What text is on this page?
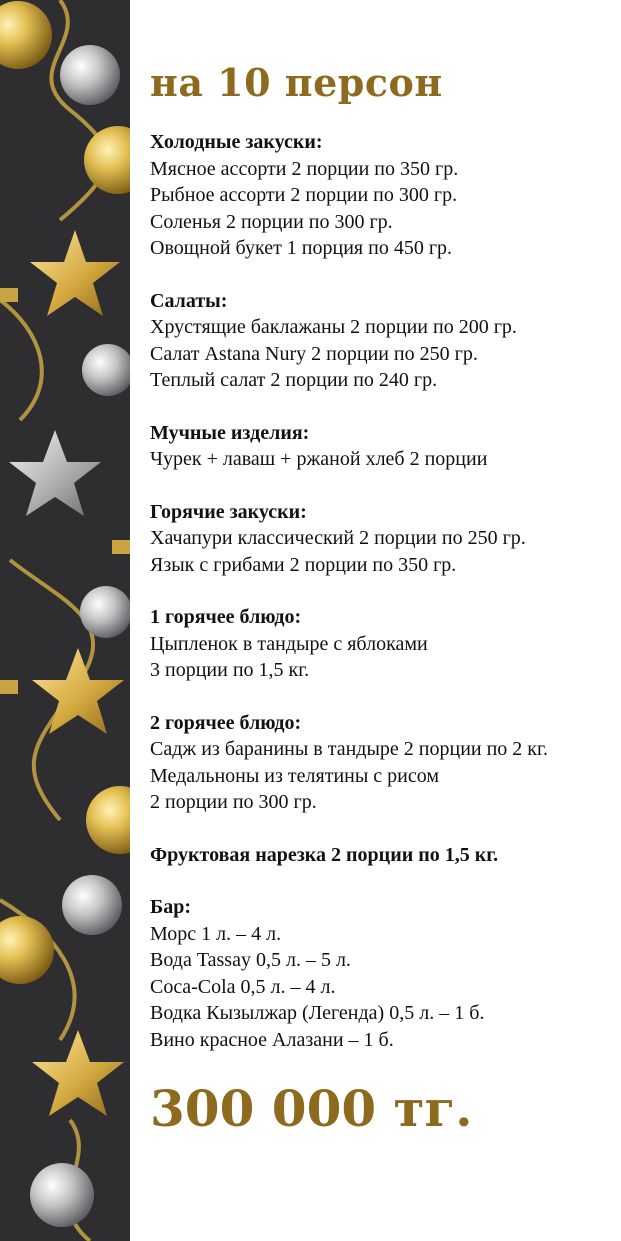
на 10 персон

Холодные закуски:

Мясное ассорти 2 порции по 350 гр.

Рыбное ассорти 2 порции по 300 гр.

Соленья 2 порции по 300 гр.

Овощной букет 1 порция по 450 гр.

Салаты:

Хрустящие баклажаны 2 порции по 200 гр.

Салат Astana Nury 2 порции по 250 гр.

Теплый салат 2 порции по 240 гр.

Мучные изделия:

Чурек + лаваш + ржаной хлеб 2 порции

Горячие закуски:

Хачапури классический 2 порции по 250 гр.

Язык с грибами 2 порции по 350 гр.

1 горячее блюдо:

Цыпленок в тандыре с яблоками

3 порции по 1,5 кг.

2 горячее блюдо:

Садж из баранины в тандыре 2 порции по 2 кг.

Медальноны из телятины с рисом

2 порции по 300 гр.

Фруктовая нарезка 2 порции по 1,5 кг.

Бар:

Морс 1 л. – 4 л.

Вода Tassay 0,5 л. – 5 л.

Coca-Cola 0,5 л. – 4 л.

Водка Кызылжар (Легенда) 0,5 л. – 1 б.

Вино красное Алазани – 1 б.

300 000 тг.
